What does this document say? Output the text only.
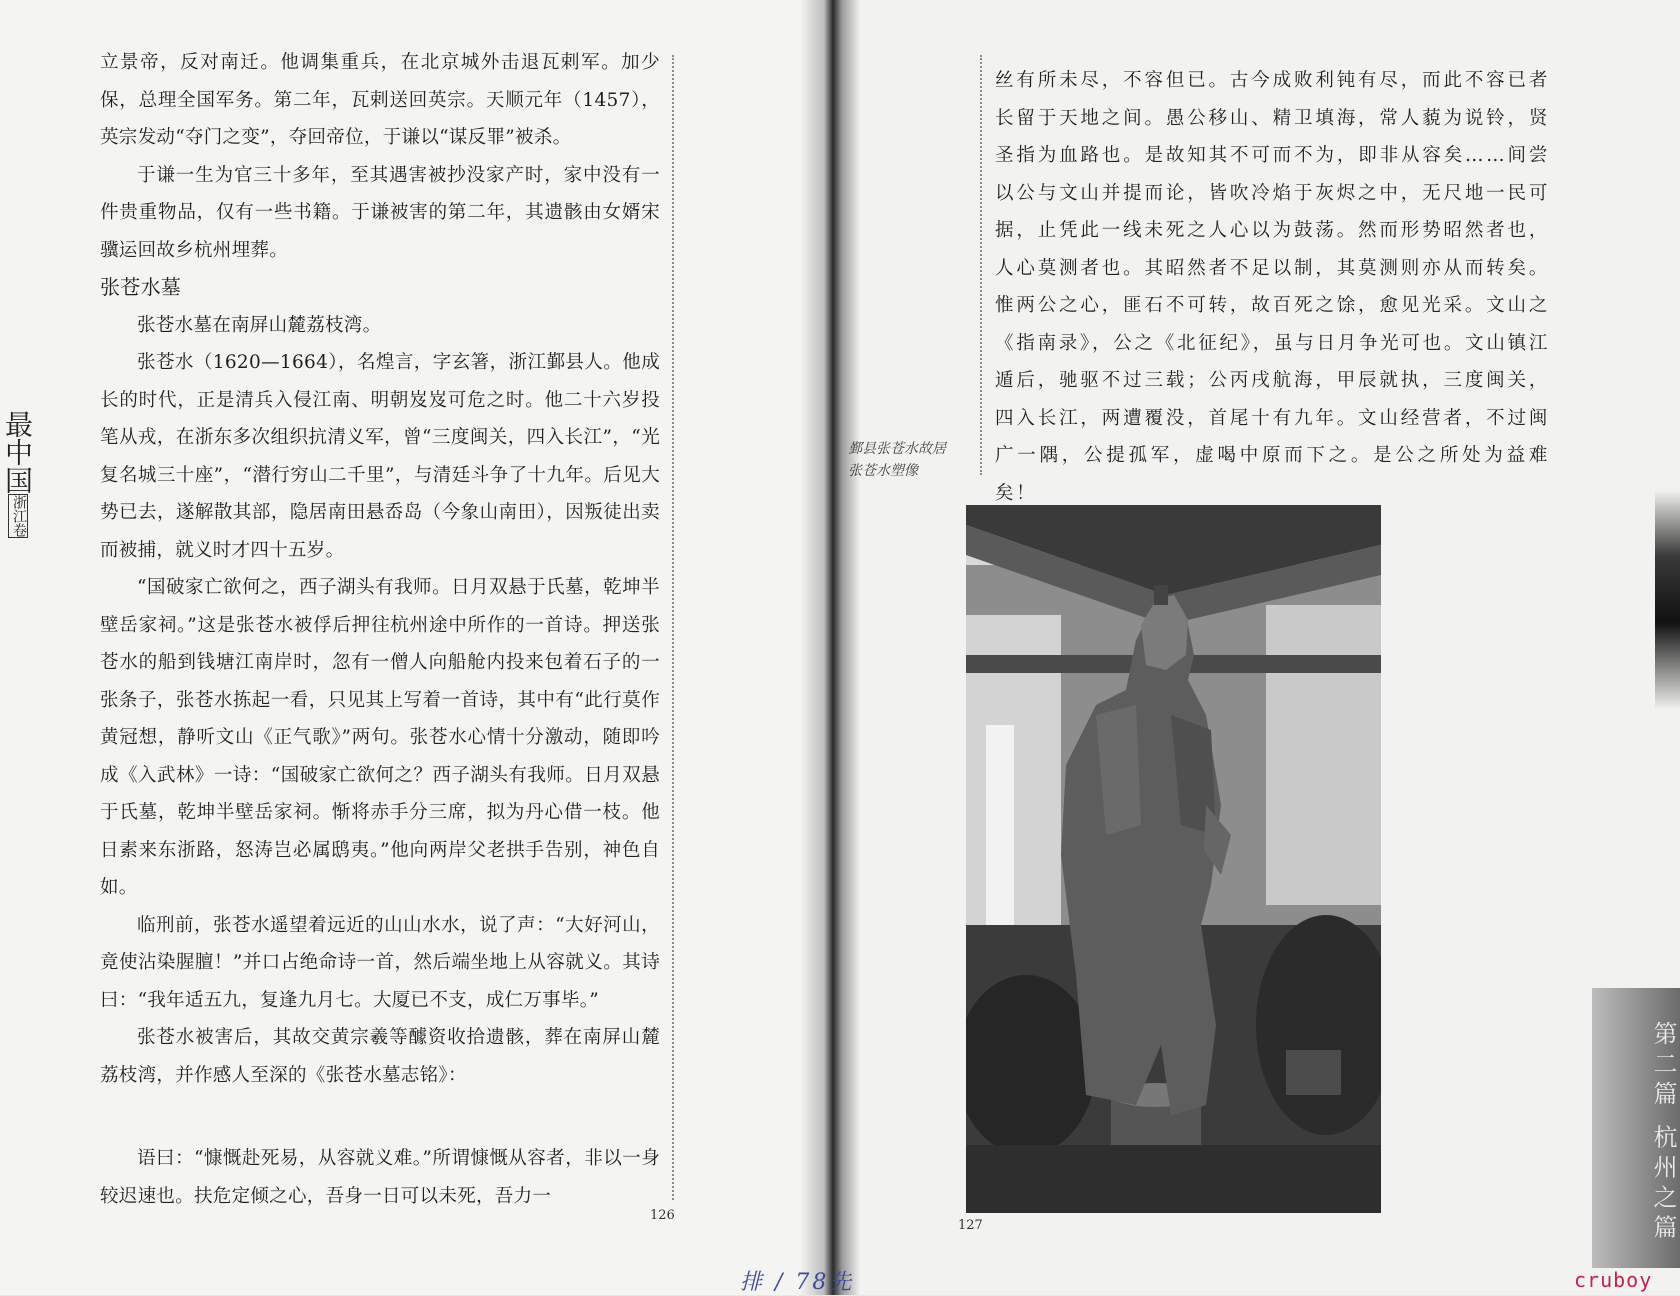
最中国
浙江卷

立景帝，反对南迁。他调集重兵，在北京城外击退瓦剌军。加少保，总理全国军务。第二年，瓦剌送回英宗。天顺元年（1457），英宗发动“夺门之变”，夺回帝位，于谦以“谋反罪”被杀。

于谦一生为官三十多年，至其遇害被抄没家产时，家中没有一件贵重物品，仅有一些书籍。于谦被害的第二年，其遗骸由女婿宋骥运回故乡杭州埋葬。

张苍水墓

张苍水墓在南屏山麓荔枝湾。

张苍水（1620—1664），名煌言，字玄箸，浙江鄞县人。他成长的时代，正是清兵入侵江南、明朝岌岌可危之时。他二十六岁投笔从戎，在浙东多次组织抗清义军，曾“三度闽关，四入长江”，“光复名城三十座”，“潜行穷山二千里”，与清廷斗争了十九年。后见大势已去，遂解散其部，隐居南田悬岙岛（今象山南田），因叛徒出卖而被捕，就义时才四十五岁。

“国破家亡欲何之，西子湖头有我师。日月双悬于氏墓，乾坤半壁岳家祠。”这是张苍水被俘后押往杭州途中所作的一首诗。押送张苍水的船到钱塘江南岸时，忽有一僧人向船舱内投来包着石子的一张条子，张苍水拣起一看，只见其上写着一首诗，其中有“此行莫作黄冠想，静听文山《正气歌》”两句。张苍水心情十分激动，随即吟成《入武林》一诗：“国破家亡欲何之？西子湖头有我师。日月双悬于氏墓，乾坤半壁岳家祠。惭将赤手分三席，拟为丹心借一枝。他日素来东浙路，怒涛岂必属鸱夷。”他向两岸父老拱手告别，神色自如。

临刑前，张苍水遥望着远近的山山水水，说了声：“大好河山，竟使沾染腥膻！”并口占绝命诗一首，然后端坐地上从容就义。其诗曰：“我年适五九，复逢九月七。大厦已不支，成仁万事毕。”

张苍水被害后，其故交黄宗羲等醵资收拾遗骸，葬在南屏山麓荔枝湾，并作感人至深的《张苍水墓志铭》：

语曰：“慷慨赴死易，从容就义难。”所谓慷慨从容者，非以一身较迟速也。扶危定倾之心，吾身一日可以未死，吾力一
126
丝有所未尽，不容但已。古今成败利钝有尽，而此不容已者长留于天地之间。愚公移山、精卫填海，常人藐为说铃，贤圣指为血路也。是故知其不可而不为，即非从容矣……间尝以公与文山并提而论，皆吹冷焰于灰烬之中，无尺地一民可据，止凭此一线未死之人心以为鼓荡。然而形势昭然者也，人心莫测者也。其昭然者不足以制，其莫测则亦从而转矣。惟两公之心，匪石不可转，故百死之馀，愈见光采。文山之《指南录》，公之《北征纪》，虽与日月争光可也。文山镇江遁后，驰驱不过三载；公丙戌航海，甲辰就执，三度闽关，四入长江，两遭覆没，首尾十有九年。文山经营者，不过闽广一隅，公提孤军，虚喝中原而下之。是公之所处为益难矣！
鄞县张苍水故居
张苍水塑像
127	第二篇 杭州之篇
排 / 78先	cruboy
